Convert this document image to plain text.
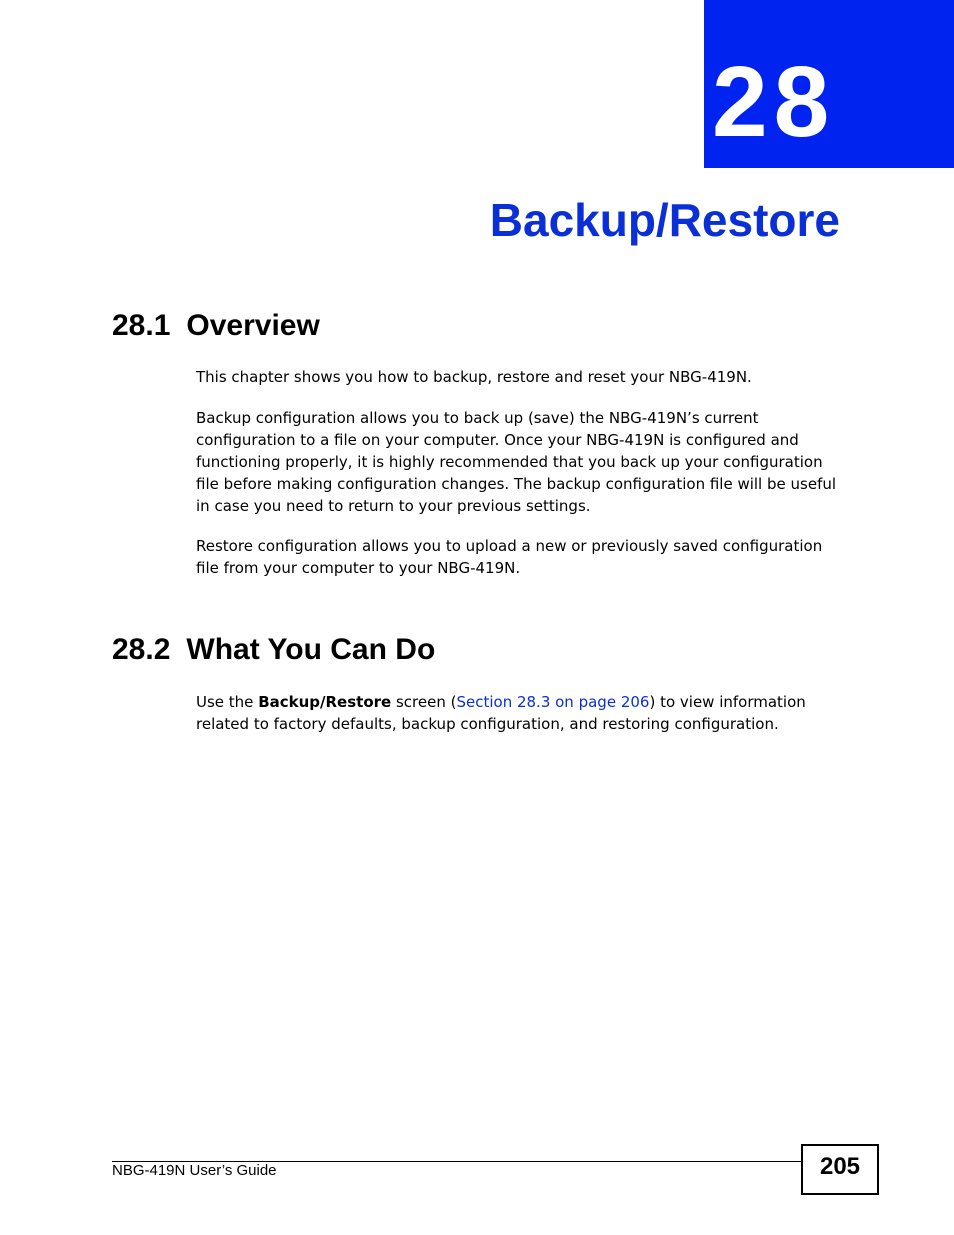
28
Backup/Restore
28.1 Overview

This chapter shows you how to backup, restore and reset your NBG-419N.

Backup configuration allows you to back up (save) the NBG-419N’s current configuration to a file on your computer. Once your NBG-419N is configured and functioning properly, it is highly recommended that you back up your configuration file before making configuration changes. The backup configuration file will be useful in case you need to return to your previous settings.

Restore configuration allows you to upload a new or previously saved configuration file from your computer to your NBG-419N.

28.2 What You Can Do

Use the Backup/Restore screen (Section 28.3 on page 206) to view information related to factory defaults, backup configuration, and restoring configuration.

NBG-419N User’s Guide	205
